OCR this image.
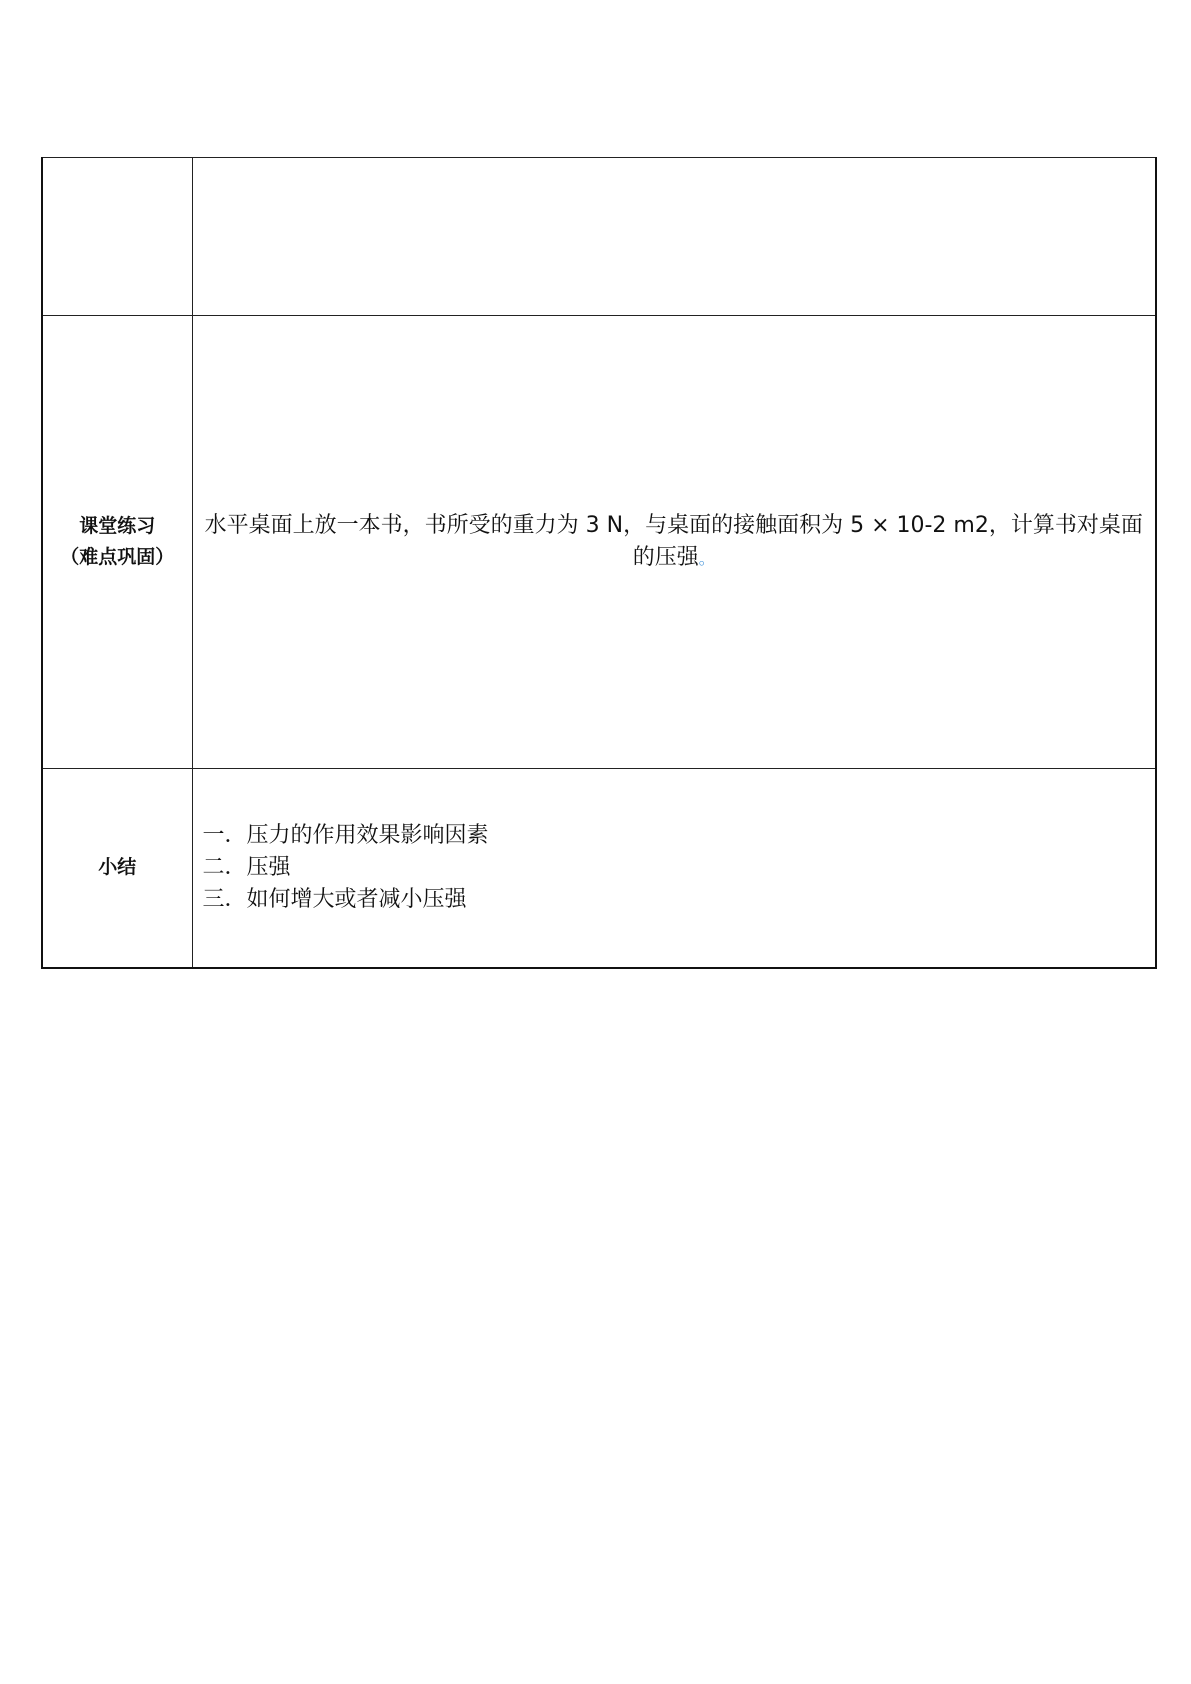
课堂练习
（难点巩固）	水平桌面上放一本书，书所受的重力为 3 N，与桌面的接触面积为 5 × 10-2 m2，计算书对桌面的压强。
小结	一．压力的作用效果影响因素
二．压强
三．如何增大或者减小压强
